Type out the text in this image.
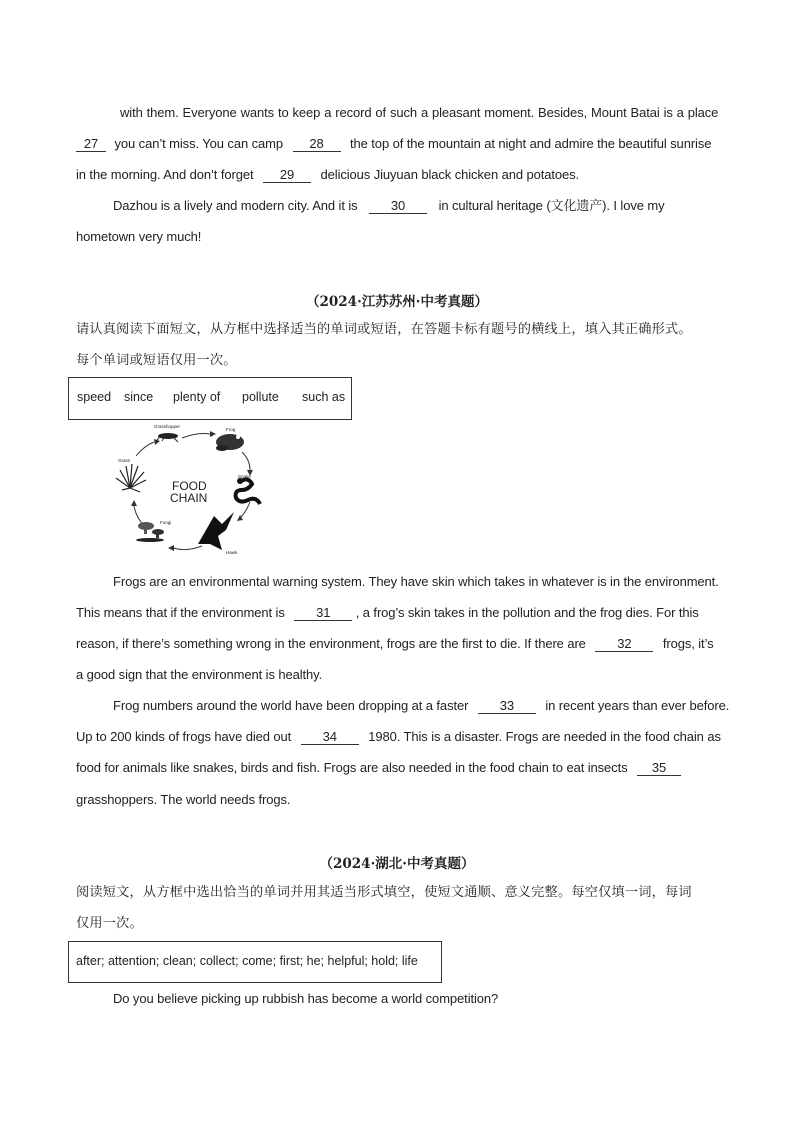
with them. Everyone wants to keep a record of such a pleasant moment. Besides, Mount Batai is a place
27 you can’t miss. You can camp 28 the top of the mountain at night and admire the beautiful sunrise
in the morning. And don’t forget 29 delicious Jiuyuan black chicken and potatoes.
Dazhou is a lively and modern city. And it is	30	in cultural heritage (文化遗产). I love my
hometown very much!
（2024·江苏苏州·中考真题）
请认真阅读下面短文，从方框中选择适当的单词或短语，在答题卡标有题号的横线上，填入其正确形式。
每个单词或短语仅用一次。
speed since plenty of pollute such as
Grasshopper
Frog
Snake
Hawk
Fungi
Grass
FOOD
CHAIN
Frogs are an environmental warning system. They have skin which takes in whatever is in the environment.
This means that if the environment is 31 , a frog’s skin takes in the pollution and the frog dies. For this
reason, if there’s something wrong in the environment, frogs are the first to die. If there are 32 frogs, it’s
a good sign that the environment is healthy.
Frog numbers around the world have been dropping at a faster 33 in recent years than ever before.
Up to 200 kinds of frogs have died out 34 1980. This is a disaster. Frogs are needed in the food chain as
food for animals like snakes, birds and fish. Frogs are also needed in the food chain to eat insects 35
grasshoppers. The world needs frogs.
（2024·湖北·中考真题）
阅读短文，从方框中选出恰当的单词并用其适当形式填空，使短文通顺、意义完整。每空仅填一词，每词
仅用一次。
after; attention; clean; collect; come; first; he; helpful; hold; life
Do you believe picking up rubbish has become a world competition?
